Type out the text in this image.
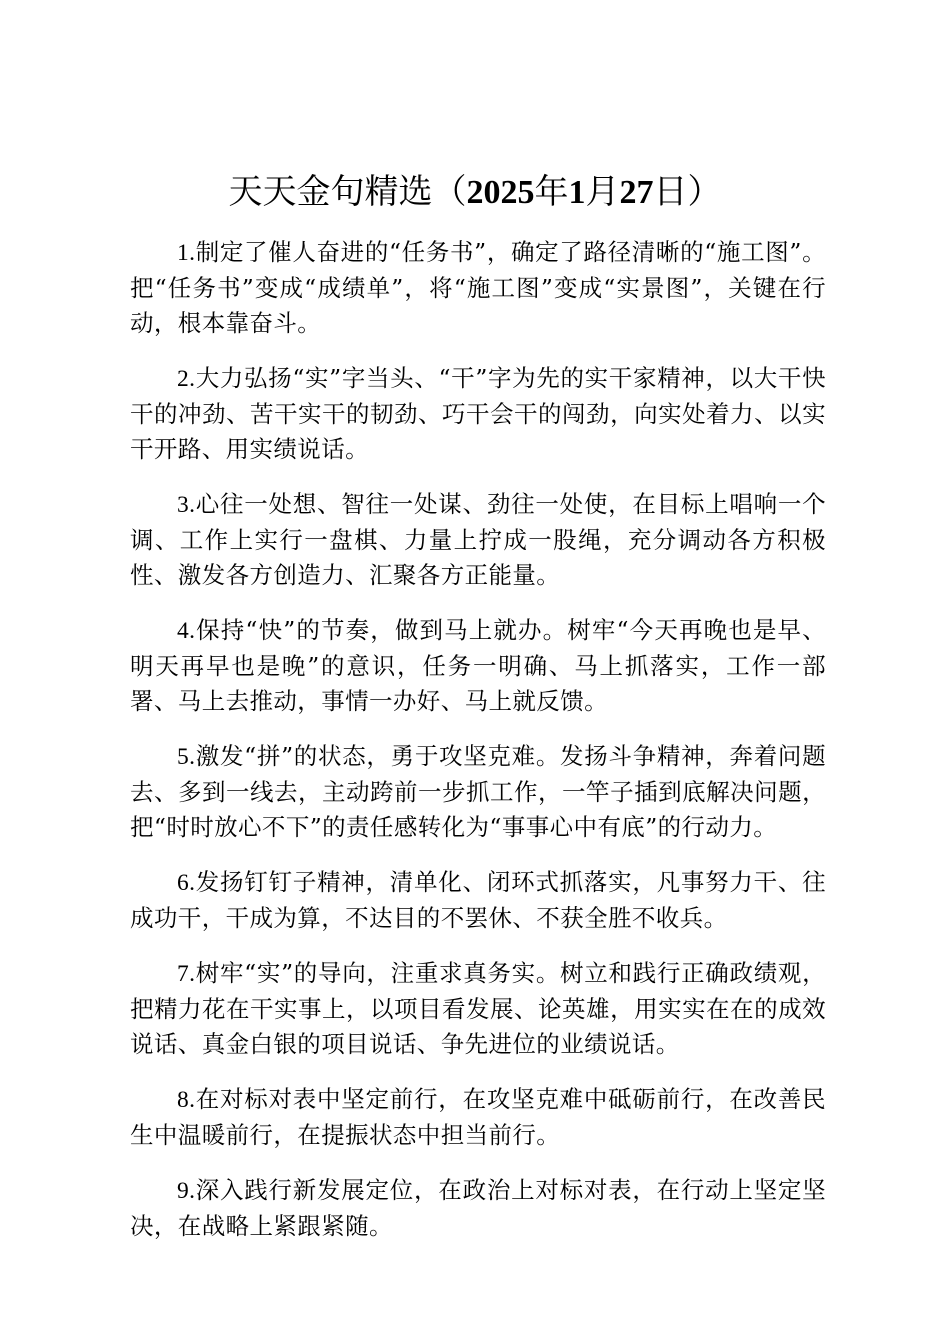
天天金句精选（2025年1月27日）

1.制定了催人奋进的“任务书”，确定了路径清晰的“施工图”。把“任务书”变成“成绩单”，将“施工图”变成“实景图”，关键在行动，根本靠奋斗。

2.大力弘扬“实”字当头、“干”字为先的实干家精神，以大干快干的冲劲、苦干实干的韧劲、巧干会干的闯劲，向实处着力、以实干开路、用实绩说话。

3.心往一处想、智往一处谋、劲往一处使，在目标上唱响一个调、工作上实行一盘棋、力量上拧成一股绳，充分调动各方积极性、激发各方创造力、汇聚各方正能量。

4.保持“快”的节奏，做到马上就办。树牢“今天再晚也是早、明天再早也是晚”的意识，任务一明确、马上抓落实，工作一部署、马上去推动，事情一办好、马上就反馈。

5.激发“拼”的状态，勇于攻坚克难。发扬斗争精神，奔着问题去、多到一线去，主动跨前一步抓工作，一竿子插到底解决问题，把“时时放心不下”的责任感转化为“事事心中有底”的行动力。

6.发扬钉钉子精神，清单化、闭环式抓落实，凡事努力干、往成功干，干成为算，不达目的不罢休、不获全胜不收兵。

7.树牢“实”的导向，注重求真务实。树立和践行正确政绩观，把精力花在干实事上，以项目看发展、论英雄，用实实在在的成效说话、真金白银的项目说话、争先进位的业绩说话。

8.在对标对表中坚定前行，在攻坚克难中砥砺前行，在改善民生中温暖前行，在提振状态中担当前行。

9.深入践行新发展定位，在政治上对标对表，在行动上坚定坚决，在战略上紧跟紧随。
